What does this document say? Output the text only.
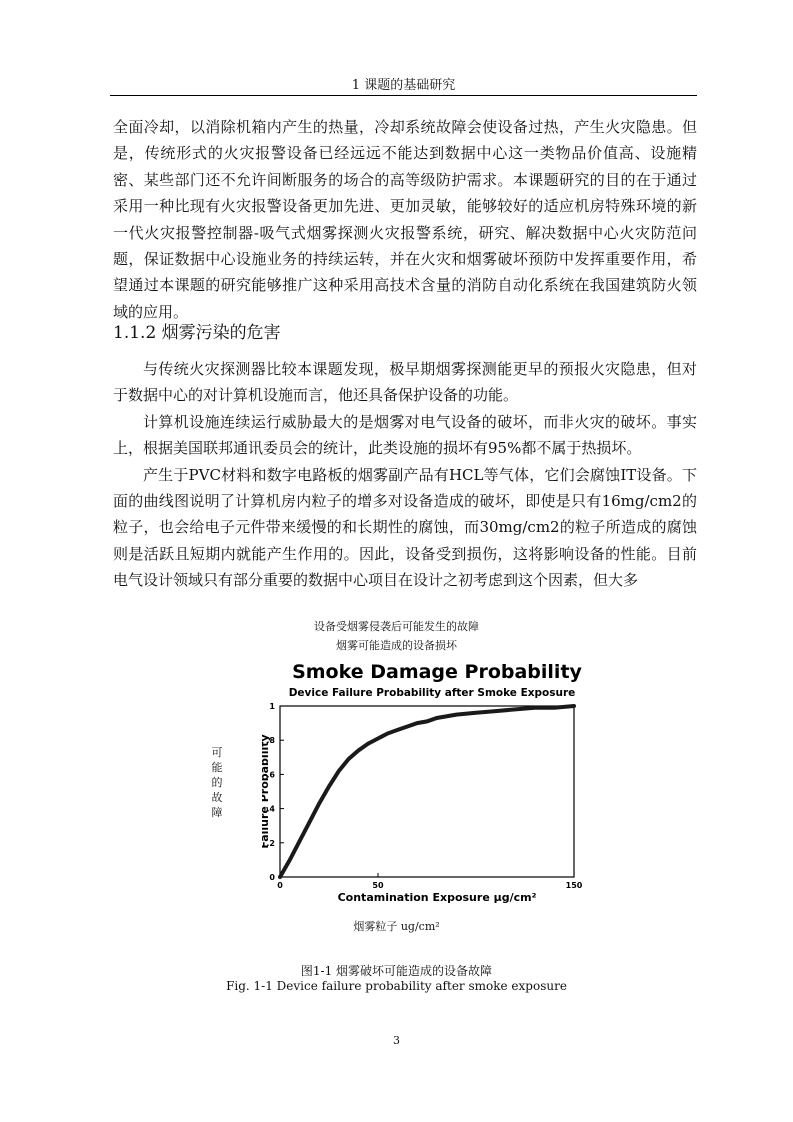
1 课题的基础研究

全面冷却，以消除机箱内产生的热量，冷却系统故障会使设备过热，产生火灾隐患。但是，传统形式的火灾报警设备已经远远不能达到数据中心这一类物品价值高、设施精密、某些部门还不允许间断服务的场合的高等级防护需求。本课题研究的目的在于通过采用一种比现有火灾报警设备更加先进、更加灵敏，能够较好的适应机房特殊环境的新一代火灾报警控制器-吸气式烟雾探测火灾报警系统，研究、解决数据中心火灾防范问题，保证数据中心设施业务的持续运转，并在火灾和烟雾破坏预防中发挥重要作用，希望通过本课题的研究能够推广这种采用高技术含量的消防自动化系统在我国建筑防火领域的应用。

1.1.2 烟雾污染的危害

与传统火灾探测器比较本课题发现，极早期烟雾探测能更早的预报火灾隐患，但对于数据中心的对计算机设施而言，他还具备保护设备的功能。

计算机设施连续运行威胁最大的是烟雾对电气设备的破坏，而非火灾的破坏。事实上，根据美国联邦通讯委员会的统计，此类设施的损坏有95%都不属于热损坏。

产生于PVC材料和数字电路板的烟雾副产品有HCL等气体，它们会腐蚀IT设备。下面的曲线图说明了计算机房内粒子的增多对设备造成的破坏，即使是只有16mg/cm2的粒子，也会给电子元件带来缓慢的和长期性的腐蚀，而30mg/cm2的粒子所造成的腐蚀则是活跃且短期内就能产生作用的。因此，设备受到损伤，这将影响设备的性能。目前电气设计领域只有部分重要的数据中心项目在设计之初考虑到这个因素，但大多

设备受烟雾侵袭后可能发生的故障
烟雾可能造成的设备损坏
可能的故障
Smoke Damage Probability
Device Failure Probability after Smoke Exposure
0
.2
.4
.6
.8
1
0	50	150
Failure Probability
Contamination Exposure µg/cm²
烟雾粒子 ug/cm²
图1-1 烟雾破坏可能造成的设备故障
Fig. 1-1 Device failure probability after smoke exposure
3
